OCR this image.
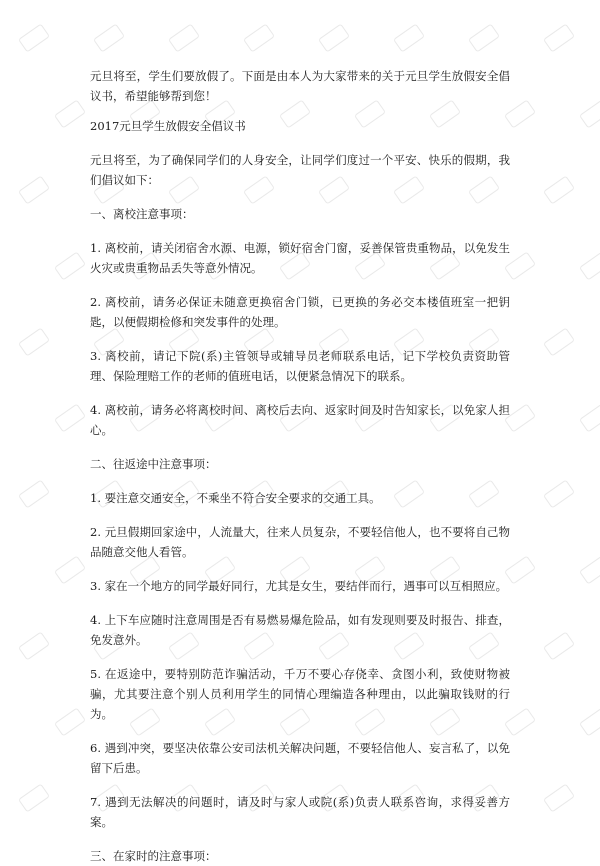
元旦将至，学生们要放假了。下面是由本人为大家带来的关于元旦学生放假安全倡议书，希望能够帮到您！

2017元旦学生放假安全倡议书

元旦将至，为了确保同学们的人身安全，让同学们度过一个平安、快乐的假期，我们倡议如下：

一、离校注意事项：

1. 离校前，请关闭宿舍水源、电源，锁好宿舍门窗，妥善保管贵重物品，以免发生火灾或贵重物品丢失等意外情况。

2. 离校前，请务必保证未随意更换宿舍门锁，已更换的务必交本楼值班室一把钥匙，以便假期检修和突发事件的处理。

3. 离校前，请记下院(系)主管领导或辅导员老师联系电话，记下学校负责资助管理、保险理赔工作的老师的值班电话，以便紧急情况下的联系。

4. 离校前，请务必将离校时间、离校后去向、返家时间及时告知家长，以免家人担心。

二、往返途中注意事项：

1. 要注意交通安全，不乘坐不符合安全要求的交通工具。

2. 元旦假期回家途中，人流量大，往来人员复杂，不要轻信他人，也不要将自己物品随意交他人看管。

3. 家在一个地方的同学最好同行，尤其是女生，要结伴而行，遇事可以互相照应。

4. 上下车应随时注意周围是否有易燃易爆危险品，如有发现则要及时报告、排查，免发意外。

5. 在返途中，要特别防范诈骗活动，千万不要心存侥幸、贪图小利，致使财物被骗，尤其要注意个别人员利用学生的同情心理编造各种理由，以此骗取钱财的行为。

6. 遇到冲突，要坚决依靠公安司法机关解决问题，不要轻信他人、妄言私了，以免留下后患。

7. 遇到无法解决的问题时，请及时与家人或院(系)负责人联系咨询，求得妥善方案。

三、在家时的注意事项：
